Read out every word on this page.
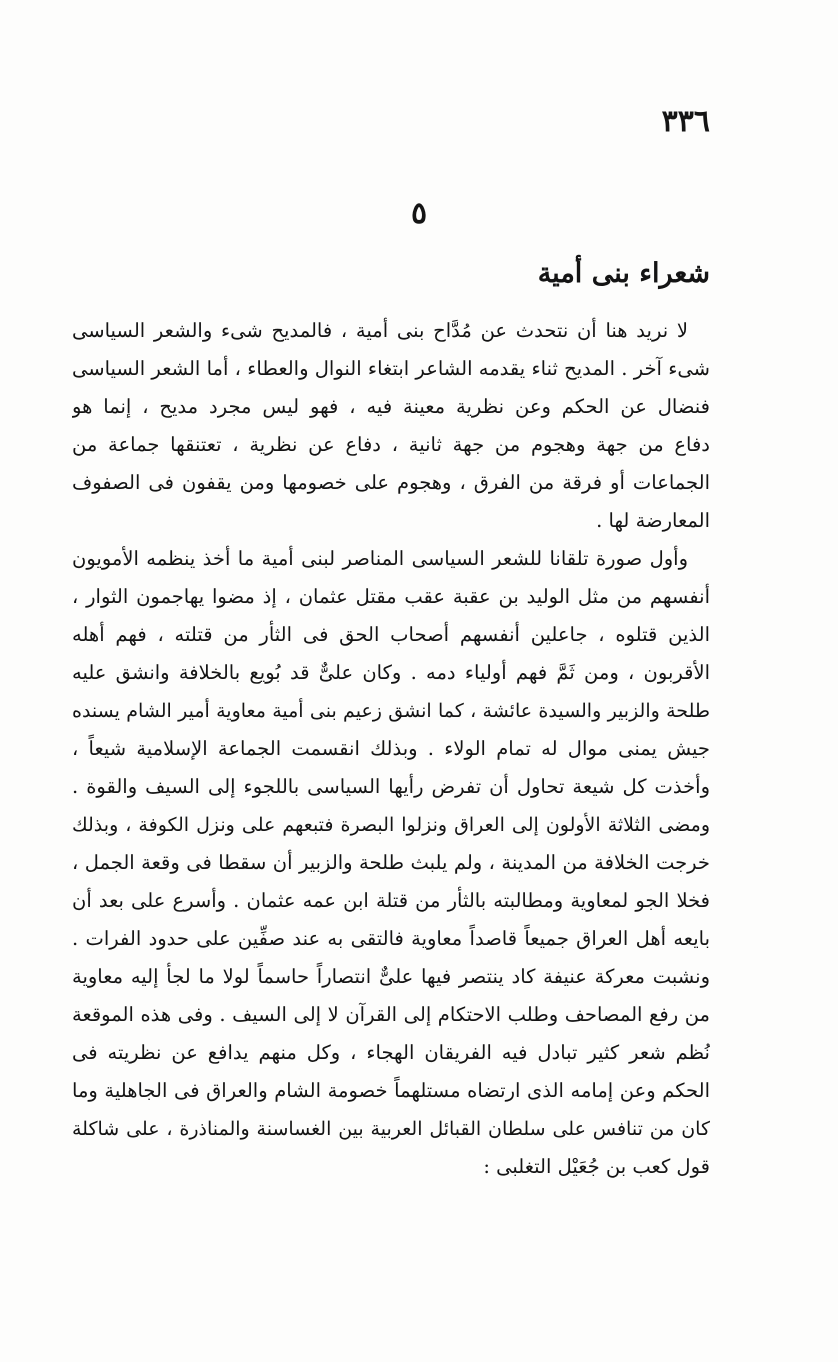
٣٣٦
٥
شعراء بنى أمية
لا نريد هنا أن نتحدث عن مُدَّاح بنى أمية ، فالمديح شىء والشعر السياسى
شىء آخر . المديح ثناء يقدمه الشاعر ابتغاء النوال والعطاء ، أما الشعر السياسى
فنضال عن الحكم وعن نظرية معينة فيه ، فهو ليس مجرد مديح ، إنما هو
دفاع من جهة وهجوم من جهة ثانية ، دفاع عن نظرية ، تعتنقها جماعة من
الجماعات أو فرقة من الفرق ، وهجوم على خصومها ومن يقفون فى الصفوف
المعارضة لها .
وأول صورة تلقانا للشعر السياسى المناصر لبنى أمية ما أخذ ينظمه الأمويون
أنفسهم من مثل الوليد بن عقبة عقب مقتل عثمان ، إذ مضوا يهاجمون الثوار ،
الذين قتلوه ، جاعلين أنفسهم أصحاب الحق فى الثأر من قتلته ، فهم أهله
الأقربون ، ومن ثَمَّ فهم أولياء دمه . وكان علىٌّ قد بُويع بالخلافة وانشق عليه
طلحة والزبير والسيدة عائشة ، كما انشق زعيم بنى أمية معاوية أمير الشام يسنده
جيش يمنى موال له تمام الولاء . وبذلك انقسمت الجماعة الإسلامية شيعاً ،
وأخذت كل شيعة تحاول أن تفرض رأيها السياسى باللجوء إلى السيف والقوة .
ومضى الثلاثة الأولون إلى العراق ونزلوا البصرة فتبعهم على ونزل الكوفة ، وبذلك
خرجت الخلافة من المدينة ، ولم يلبث طلحة والزبير أن سقطا فى وقعة الجمل ،
فخلا الجو لمعاوية ومطالبته بالثأر من قتلة ابن عمه عثمان . وأسرع على بعد أن
بايعه أهل العراق جميعاً قاصداً معاوية فالتقى به عند صفِّين على حدود الفرات .
ونشبت معركة عنيفة كاد ينتصر فيها علىٌّ انتصاراً حاسماً لولا ما لجأ إليه معاوية
من رفع المصاحف وطلب الاحتكام إلى القرآن لا إلى السيف . وفى هذه الموقعة
نُظم شعر كثير تبادل فيه الفريقان الهجاء ، وكل منهم يدافع عن نظريته فى
الحكم وعن إمامه الذى ارتضاه مستلهماً خصومة الشام والعراق فى الجاهلية وما
كان من تنافس على سلطان القبائل العربية بين الغساسنة والمناذرة ، على شاكلة
قول كعب بن جُعَيْل التغلبى :
